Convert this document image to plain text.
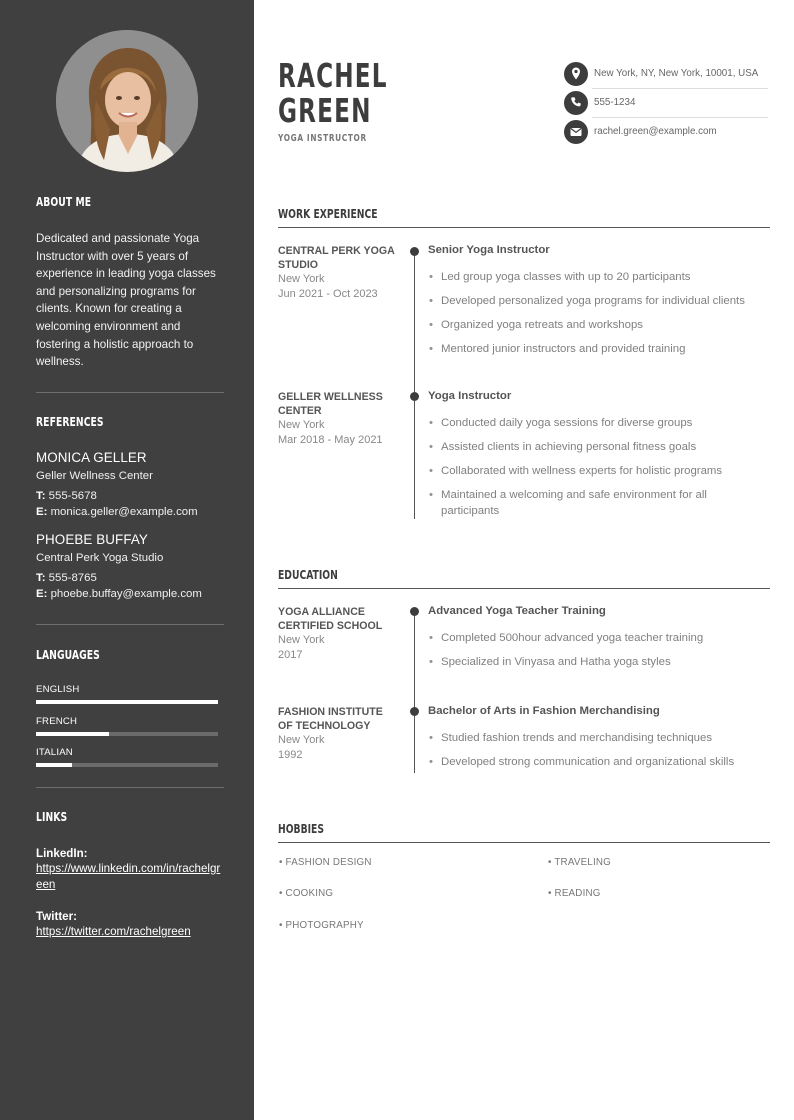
ABOUT ME

Dedicated and passionate Yoga Instructor with over 5 years of experience in leading yoga classes and personalizing programs for clients. Known for creating a welcoming environment and fostering a holistic approach to wellness.

REFERENCES
MONICA GELLER
Geller Wellness Center
T: 555-5678
E: monica.geller@example.com
PHOEBE BUFFAY
Central Perk Yoga Studio
T: 555-8765
E: phoebe.buffay@example.com
LANGUAGES
ENGLISH
FRENCH
ITALIAN
LINKS
LinkedIn:
https://www.linkedin.com/in/rachelgreen
Twitter:
https://twitter.com/rachelgreen
RACHEL
GREEN
YOGA INSTRUCTOR
New York, NY, New York, 10001, USA
555-1234
rachel.green@example.com
WORK EXPERIENCE
CENTRAL PERK YOGA STUDIO
New York
Jun 2021 - Oct 2023
Senior Yoga Instructor
• Led group yoga classes with up to 20 participants
• Developed personalized yoga programs for individual clients
• Organized yoga retreats and workshops
• Mentored junior instructors and provided training
GELLER WELLNESS CENTER
New York
Mar 2018 - May 2021
Yoga Instructor
• Conducted daily yoga sessions for diverse groups
• Assisted clients in achieving personal fitness goals
• Collaborated with wellness experts for holistic programs
• Maintained a welcoming and safe environment for all participants
EDUCATION
YOGA ALLIANCE CERTIFIED SCHOOL
New York
2017
Advanced Yoga Teacher Training
• Completed 500hour advanced yoga teacher training
• Specialized in Vinyasa and Hatha yoga styles
FASHION INSTITUTE OF TECHNOLOGY
New York
1992
Bachelor of Arts in Fashion Merchandising
• Studied fashion trends and merchandising techniques
• Developed strong communication and organizational skills
HOBBIES
• FASHION DESIGN	• TRAVELING
• COOKING	• READING
• PHOTOGRAPHY
